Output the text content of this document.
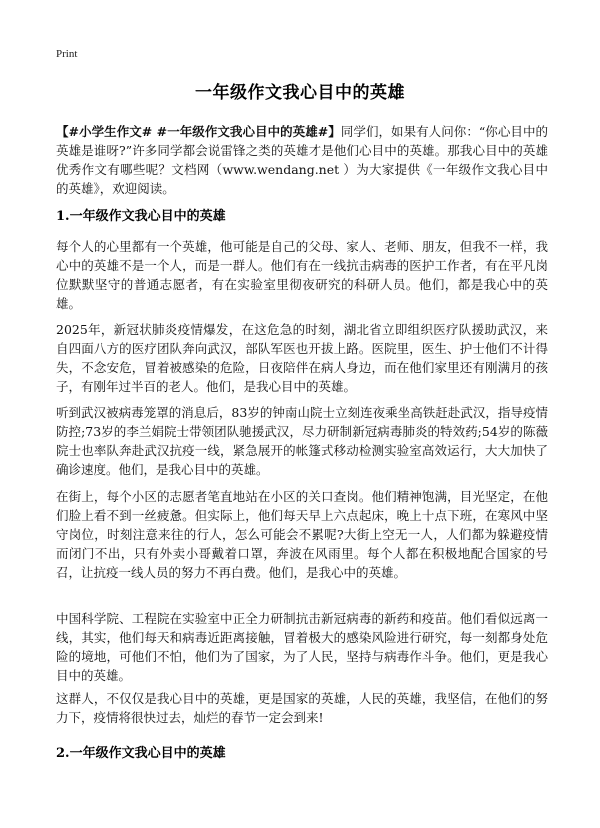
Print
一年级作文我心目中的英雄
【#小学生作文# #一年级作文我心目中的英雄#】同学们，如果有人问你：“你心目中的英雄是谁呀?”许多同学都会说雷锋之类的英雄才是他们心目中的英雄。那我心目中的英雄优秀作文有哪些呢？文档网（www.wendang.net ）为大家提供《一年级作文我心目中的英雄》，欢迎阅读。
1.一年级作文我心目中的英雄
每个人的心里都有一个英雄，他可能是自己的父母、家人、老师、朋友，但我不一样，我心中的英雄不是一个人，而是一群人。他们有在一线抗击病毒的医护工作者，有在平凡岗位默默坚守的普通志愿者，有在实验室里彻夜研究的科研人员。他们，都是我心中的英雄。
2025年，新冠状肺炎疫情爆发，在这危急的时刻，湖北省立即组织医疗队援助武汉，来自四面八方的医疗团队奔向武汉，部队军医也开拔上路。医院里，医生、护士他们不计得失，不念安危，冒着被感染的危险，日夜陪伴在病人身边，而在他们家里还有刚满月的孩子，有刚年过半百的老人。他们，是我心目中的英雄。
听到武汉被病毒笼罩的消息后，83岁的钟南山院士立刻连夜乘坐高铁赶赴武汉，指导疫情防控;73岁的李兰娟院士带领团队驰援武汉，尽力研制新冠病毒肺炎的特效药;54岁的陈薇院士也率队奔赴武汉抗疫一线，紧急展开的帐篷式移动检测实验室高效运行，大大加快了确诊速度。他们，是我心目中的英雄。
在街上，每个小区的志愿者笔直地站在小区的关口查岗。他们精神饱满，目光坚定，在他们脸上看不到一丝疲惫。但实际上，他们每天早上六点起床，晚上十点下班，在寒风中坚守岗位，时刻注意来往的行人，怎么可能会不累呢?大街上空无一人，人们都为躲避疫情而闭门不出，只有外卖小哥戴着口罩，奔波在风雨里。每个人都在积极地配合国家的号召，让抗疫一线人员的努力不再白费。他们，是我心中的英雄。
中国科学院、工程院在实验室中正全力研制抗击新冠病毒的新药和疫苗。他们看似远离一线，其实，他们每天和病毒近距离接触，冒着极大的感染风险进行研究，每一刻都身处危险的境地，可他们不怕，他们为了国家，为了人民，坚持与病毒作斗争。他们，更是我心目中的英雄。
这群人，不仅仅是我心目中的英雄，更是国家的英雄，人民的英雄，我坚信，在他们的努力下，疫情将很快过去，灿烂的春节一定会到来!
2.一年级作文我心目中的英雄
